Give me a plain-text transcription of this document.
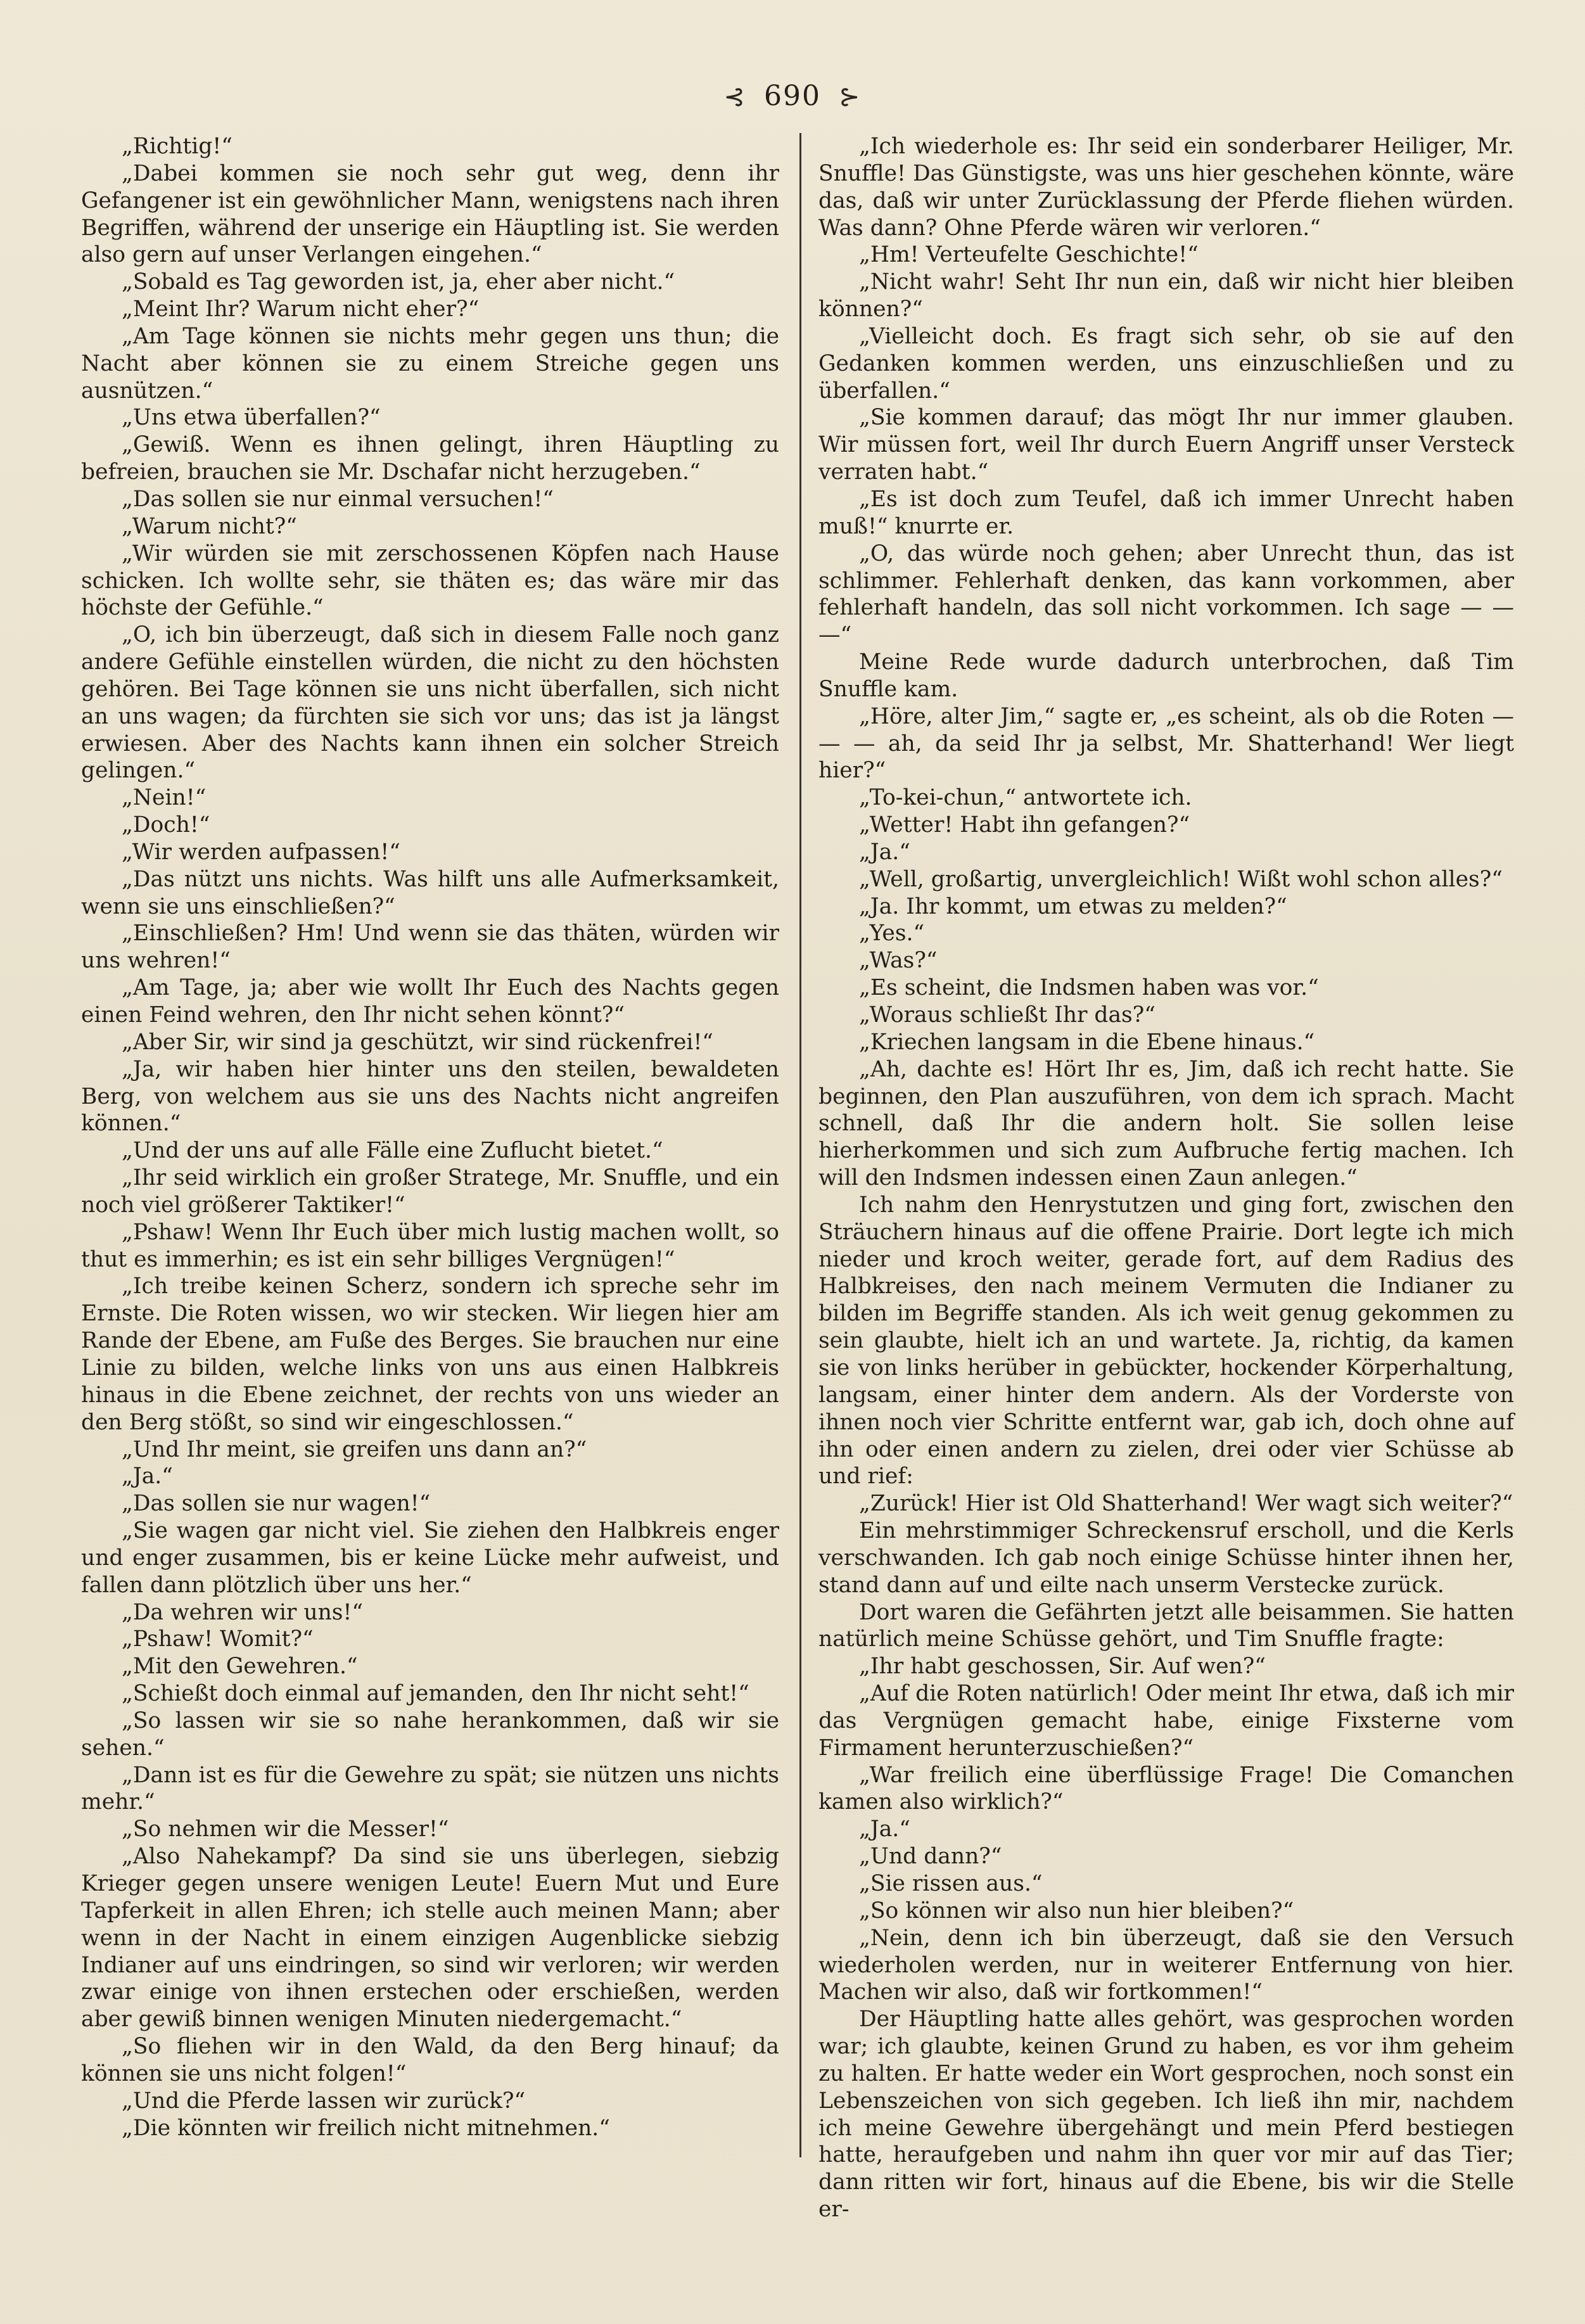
⊰ 690 ⊱

„Richtig!“

„Dabei kommen sie noch sehr gut weg, denn ihr Gefangener ist ein gewöhnlicher Mann, wenigstens nach ihren Begriffen, während der unserige ein Häuptling ist. Sie werden also gern auf unser Verlangen eingehen.“

„Sobald es Tag geworden ist, ja, eher aber nicht.“

„Meint Ihr? Warum nicht eher?“

„Am Tage können sie nichts mehr gegen uns thun; die Nacht aber können sie zu einem Streiche gegen uns ausnützen.“

„Uns etwa überfallen?“

„Gewiß. Wenn es ihnen gelingt, ihren Häuptling zu befreien, brauchen sie Mr. Dschafar nicht herzugeben.“

„Das sollen sie nur einmal versuchen!“

„Warum nicht?“

„Wir würden sie mit zerschossenen Köpfen nach Hause schicken. Ich wollte sehr, sie thäten es; das wäre mir das höchste der Gefühle.“

„O, ich bin überzeugt, daß sich in diesem Falle noch ganz andere Gefühle einstellen würden, die nicht zu den höchsten gehören. Bei Tage können sie uns nicht überfallen, sich nicht an uns wagen; da fürchten sie sich vor uns; das ist ja längst erwiesen. Aber des Nachts kann ihnen ein solcher Streich gelingen.“

„Nein!“

„Doch!“

„Wir werden aufpassen!“

„Das nützt uns nichts. Was hilft uns alle Aufmerksamkeit, wenn sie uns einschließen?“

„Einschließen? Hm! Und wenn sie das thäten, würden wir uns wehren!“

„Am Tage, ja; aber wie wollt Ihr Euch des Nachts gegen einen Feind wehren, den Ihr nicht sehen könnt?“

„Aber Sir, wir sind ja geschützt, wir sind rückenfrei!“

„Ja, wir haben hier hinter uns den steilen, bewaldeten Berg, von welchem aus sie uns des Nachts nicht angreifen können.“

„Und der uns auf alle Fälle eine Zuflucht bietet.“

„Ihr seid wirklich ein großer Stratege, Mr. Snuffle, und ein noch viel größerer Taktiker!“

„Pshaw! Wenn Ihr Euch über mich lustig machen wollt, so thut es immerhin; es ist ein sehr billiges Vergnügen!“

„Ich treibe keinen Scherz, sondern ich spreche sehr im Ernste. Die Roten wissen, wo wir stecken. Wir liegen hier am Rande der Ebene, am Fuße des Berges. Sie brauchen nur eine Linie zu bilden, welche links von uns aus einen Halbkreis hinaus in die Ebene zeichnet, der rechts von uns wieder an den Berg stößt, so sind wir eingeschlossen.“

„Und Ihr meint, sie greifen uns dann an?“

„Ja.“

„Das sollen sie nur wagen!“

„Sie wagen gar nicht viel. Sie ziehen den Halbkreis enger und enger zusammen, bis er keine Lücke mehr aufweist, und fallen dann plötzlich über uns her.“

„Da wehren wir uns!“

„Pshaw! Womit?“

„Mit den Gewehren.“

„Schießt doch einmal auf jemanden, den Ihr nicht seht!“

„So lassen wir sie so nahe herankommen, daß wir sie sehen.“

„Dann ist es für die Gewehre zu spät; sie nützen uns nichts mehr.“

„So nehmen wir die Messer!“

„Also Nahekampf? Da sind sie uns überlegen, siebzig Krieger gegen unsere wenigen Leute! Euern Mut und Eure Tapferkeit in allen Ehren; ich stelle auch meinen Mann; aber wenn in der Nacht in einem einzigen Augenblicke siebzig Indianer auf uns eindringen, so sind wir verloren; wir werden zwar einige von ihnen erstechen oder erschießen, werden aber gewiß binnen wenigen Minuten niedergemacht.“

„So fliehen wir in den Wald, da den Berg hinauf; da können sie uns nicht folgen!“

„Und die Pferde lassen wir zurück?“

„Die könnten wir freilich nicht mitnehmen.“

„Ich wiederhole es: Ihr seid ein sonderbarer Heiliger, Mr. Snuffle! Das Günstigste, was uns hier geschehen könnte, wäre das, daß wir unter Zurücklassung der Pferde fliehen würden. Was dann? Ohne Pferde wären wir verloren.“

„Hm! Verteufelte Geschichte!“

„Nicht wahr! Seht Ihr nun ein, daß wir nicht hier bleiben können?“

„Vielleicht doch. Es fragt sich sehr, ob sie auf den Gedanken kommen werden, uns einzuschließen und zu überfallen.“

„Sie kommen darauf; das mögt Ihr nur immer glauben. Wir müssen fort, weil Ihr durch Euern Angriff unser Versteck verraten habt.“

„Es ist doch zum Teufel, daß ich immer Unrecht haben muß!“ knurrte er.

„O, das würde noch gehen; aber Unrecht thun, das ist schlimmer. Fehlerhaft denken, das kann vorkommen, aber fehlerhaft handeln, das soll nicht vorkommen. Ich sage — — —“

Meine Rede wurde dadurch unterbrochen, daß Tim Snuffle kam.

„Höre, alter Jim,“ sagte er, „es scheint, als ob die Roten — — — ah, da seid Ihr ja selbst, Mr. Shatterhand! Wer liegt hier?“

„To-kei-chun,“ antwortete ich.

„Wetter! Habt ihn gefangen?“

„Ja.“

„Well, großartig, unvergleichlich! Wißt wohl schon alles?“

„Ja. Ihr kommt, um etwas zu melden?“

„Yes.“

„Was?“

„Es scheint, die Indsmen haben was vor.“

„Woraus schließt Ihr das?“

„Kriechen langsam in die Ebene hinaus.“

„Ah, dachte es! Hört Ihr es, Jim, daß ich recht hatte. Sie beginnen, den Plan auszuführen, von dem ich sprach. Macht schnell, daß Ihr die andern holt. Sie sollen leise hierherkommen und sich zum Aufbruche fertig machen. Ich will den Indsmen indessen einen Zaun anlegen.“

Ich nahm den Henrystutzen und ging fort, zwischen den Sträuchern hinaus auf die offene Prairie. Dort legte ich mich nieder und kroch weiter, gerade fort, auf dem Radius des Halbkreises, den nach meinem Vermuten die Indianer zu bilden im Begriffe standen. Als ich weit genug gekommen zu sein glaubte, hielt ich an und wartete. Ja, richtig, da kamen sie von links herüber in gebückter, hockender Körperhaltung, langsam, einer hinter dem andern. Als der Vorderste von ihnen noch vier Schritte entfernt war, gab ich, doch ohne auf ihn oder einen andern zu zielen, drei oder vier Schüsse ab und rief:

„Zurück! Hier ist Old Shatterhand! Wer wagt sich weiter?“

Ein mehrstimmiger Schreckensruf erscholl, und die Kerls verschwanden. Ich gab noch einige Schüsse hinter ihnen her, stand dann auf und eilte nach unserm Verstecke zurück.

Dort waren die Gefährten jetzt alle beisammen. Sie hatten natürlich meine Schüsse gehört, und Tim Snuffle fragte:

„Ihr habt geschossen, Sir. Auf wen?“

„Auf die Roten natürlich! Oder meint Ihr etwa, daß ich mir das Vergnügen gemacht habe, einige Fixsterne vom Firmament herunterzuschießen?“

„War freilich eine überflüssige Frage! Die Comanchen kamen also wirklich?“

„Ja.“

„Und dann?“

„Sie rissen aus.“

„So können wir also nun hier bleiben?“

„Nein, denn ich bin überzeugt, daß sie den Versuch wiederholen werden, nur in weiterer Entfernung von hier. Machen wir also, daß wir fortkommen!“

Der Häuptling hatte alles gehört, was gesprochen worden war; ich glaubte, keinen Grund zu haben, es vor ihm geheim zu halten. Er hatte weder ein Wort gesprochen, noch sonst ein Lebenszeichen von sich gegeben. Ich ließ ihn mir, nachdem ich meine Gewehre übergehängt und mein Pferd bestiegen hatte, heraufgeben und nahm ihn quer vor mir auf das Tier; dann ritten wir fort, hinaus auf die Ebene, bis wir die Stelle er-
